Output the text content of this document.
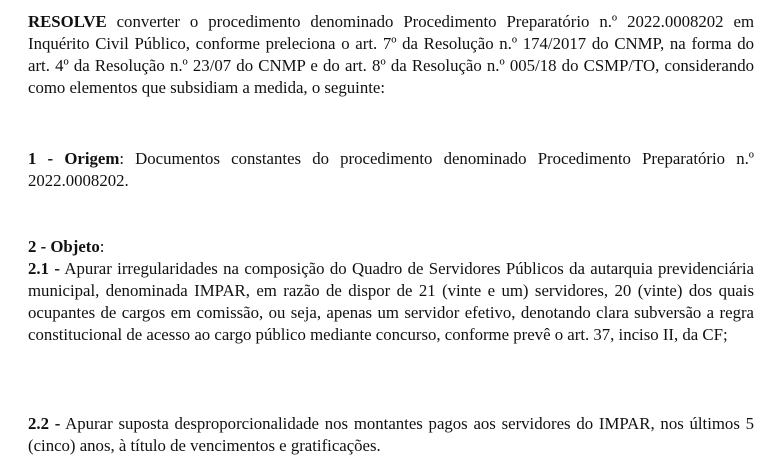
RESOLVE converter o procedimento denominado Procedimento Preparatório n.º 2022.0008202 em Inquérito Civil Público, conforme preleciona o art. 7º da Resolução n.º 174/2017 do CNMP, na forma do art. 4º da Resolução n.º 23/07 do CNMP e do art. 8º da Resolução n.º 005/18 do CSMP/TO, considerando como elementos que subsidiam a medida, o seguinte:

1 - Origem: Documentos constantes do procedimento denominado Procedimento Preparatório n.º 2022.0008202.

2 - Objeto:

2.1 - Apurar irregularidades na composição do Quadro de Servidores Públicos da autarquia previdenciária municipal, denominada IMPAR, em razão de dispor de 21 (vinte e um) servidores, 20 (vinte) dos quais ocupantes de cargos em comissão, ou seja, apenas um servidor efetivo, denotando clara subversão a regra constitucional de acesso ao cargo público mediante concurso, conforme prevê o art. 37, inciso II, da CF;

2.2 - Apurar suposta desproporcionalidade nos montantes pagos aos servidores do IMPAR, nos últimos 5 (cinco) anos, à título de vencimentos e gratificações.
